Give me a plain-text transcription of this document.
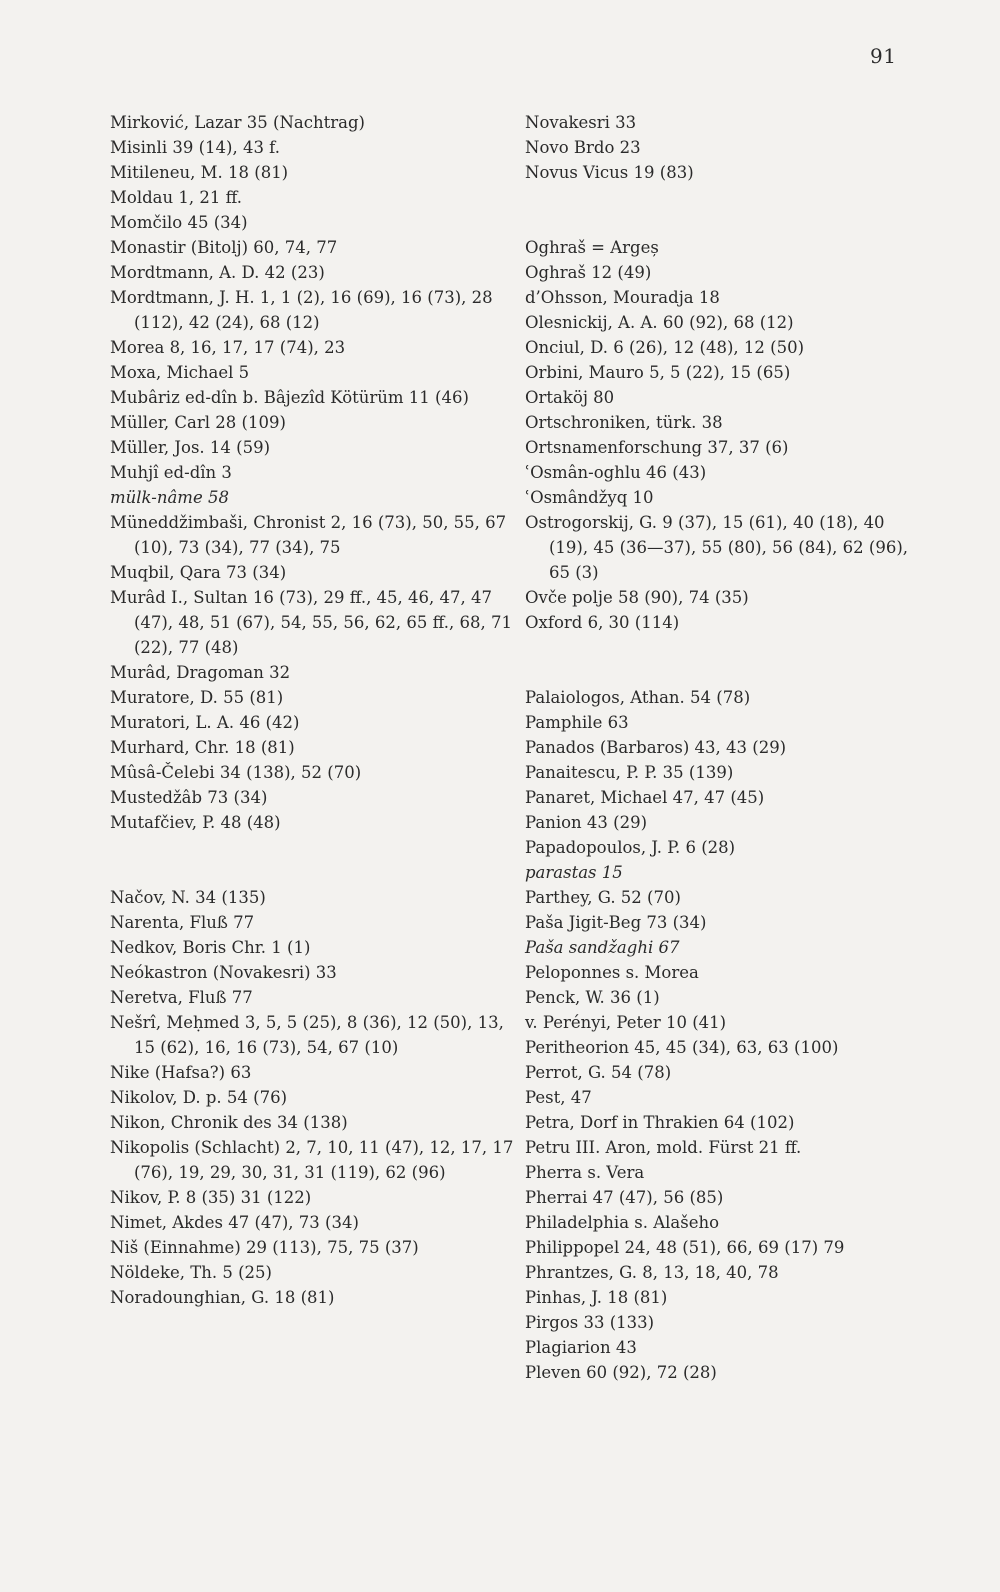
91

Mirković, Lazar 35 (Nachtrag)

Misinli 39 (14), 43 f.

Mitileneu, M. 18 (81)

Moldau 1, 21 ff.

Momčilo 45 (34)

Monastir (Bitolj) 60, 74, 77

Mordtmann, A. D. 42 (23)

Mordtmann, J. H. 1, 1 (2), 16 (69), 16 (73), 28 (112), 42 (24), 68 (12)

Morea 8, 16, 17, 17 (74), 23

Moxa, Michael 5

Mubâriz ed-dîn b. Bâjezîd Kötürüm 11 (46)

Müller, Carl 28 (109)

Müller, Jos. 14 (59)

Muhjî ed-dîn 3

mülk-nâme 58

Müneddžimbaši, Chronist 2, 16 (73), 50, 55, 67 (10), 73 (34), 77 (34), 75

Muqbil, Qara 73 (34)

Murâd I., Sultan 16 (73), 29 ff., 45, 46, 47, 47 (47), 48, 51 (67), 54, 55, 56, 62, 65 ff., 68, 71 (22), 77 (48)

Murâd, Dragoman 32

Muratore, D. 55 (81)

Muratori, L. A. 46 (42)

Murhard, Chr. 18 (81)

Mûsâ-Čelebi 34 (138), 52 (70)

Mustedžâb 73 (34)

Mutafčiev, P. 48 (48)

Načov, N. 34 (135)

Narenta, Fluß 77

Nedkov, Boris Chr. 1 (1)

Neókastron (Novakesri) 33

Neretva, Fluß 77

Nešrî, Meḥmed 3, 5, 5 (25), 8 (36), 12 (50), 13, 15 (62), 16, 16 (73), 54, 67 (10)

Nike (Hafsa?) 63

Nikolov, D. p. 54 (76)

Nikon, Chronik des 34 (138)

Nikopolis (Schlacht) 2, 7, 10, 11 (47), 12, 17, 17 (76), 19, 29, 30, 31, 31 (119), 62 (96)

Nikov, P. 8 (35) 31 (122)

Nimet, Akdes 47 (47), 73 (34)

Niš (Einnahme) 29 (113), 75, 75 (37)

Nöldeke, Th. 5 (25)

Noradounghian, G. 18 (81)

Novakesri 33

Novo Brdo 23

Novus Vicus 19 (83)

Oghraš = Argeș

Oghraš 12 (49)

d’Ohsson, Mouradja 18

Olesnickij, A. A. 60 (92), 68 (12)

Onciul, D. 6 (26), 12 (48), 12 (50)

Orbini, Mauro 5, 5 (22), 15 (65)

Ortaköj 80

Ortschroniken, türk. 38

Ortsnamenforschung 37, 37 (6)

ʿOsmân-oghlu 46 (43)

ʿOsmândžyq 10

Ostrogorskij, G. 9 (37), 15 (61), 40 (18), 40 (19), 45 (36—37), 55 (80), 56 (84), 62 (96), 65 (3)

Ovče polje 58 (90), 74 (35)

Oxford 6, 30 (114)

Palaiologos, Athan. 54 (78)

Pamphile 63

Panados (Barbaros) 43, 43 (29)

Panaitescu, P. P. 35 (139)

Panaret, Michael 47, 47 (45)

Panion 43 (29)

Papadopoulos, J. P. 6 (28)

parastas 15

Parthey, G. 52 (70)

Paša Jigit-Beg 73 (34)

Paša sandžaghi 67

Peloponnes s. Morea

Penck, W. 36 (1)

v. Perényi, Peter 10 (41)

Peritheorion 45, 45 (34), 63, 63 (100)

Perrot, G. 54 (78)

Pest, 47

Petra, Dorf in Thrakien 64 (102)

Petru III. Aron, mold. Fürst 21 ff.

Pherra s. Vera

Pherrai 47 (47), 56 (85)

Philadelphia s. Alašeho

Philippopel 24, 48 (51), 66, 69 (17) 79

Phrantzes, G. 8, 13, 18, 40, 78

Pinhas, J. 18 (81)

Pirgos 33 (133)

Plagiarion 43

Pleven 60 (92), 72 (28)
